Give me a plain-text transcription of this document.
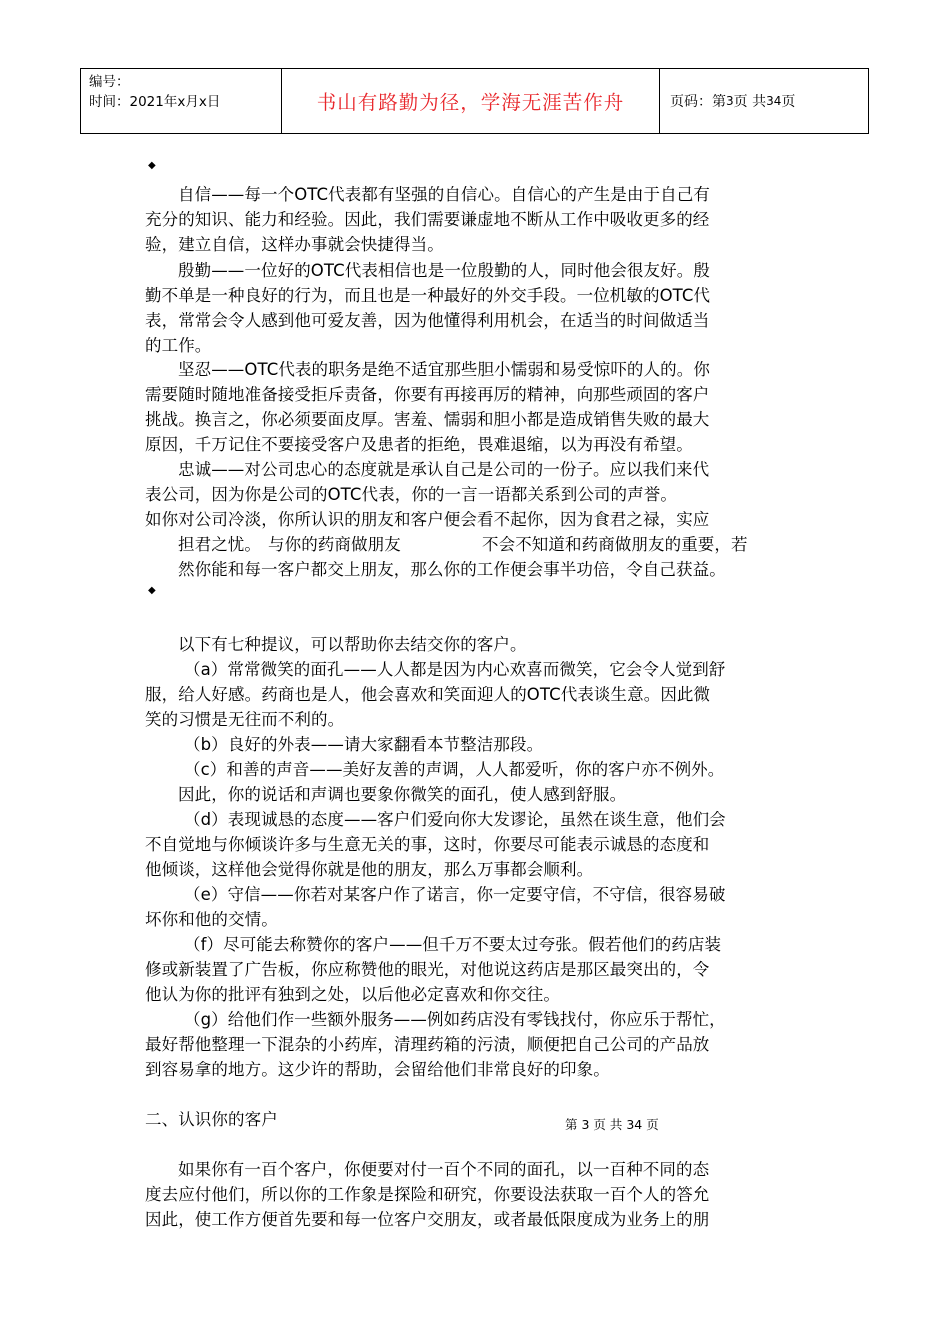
编号：
时间：2021年x月x日	书山有路勤为径，学海无涯苦作舟	页码：第 3 页 共 34 页
◆
自信——每一个OTC代表都有坚强的自信心。自信心的产生是由于自己有
充分的知识、能力和经验。因此，我们需要谦虚地不断从工作中吸收更多的经
验，建立自信，这样办事就会快捷得当。
殷勤——一位好的OTC代表相信也是一位殷勤的人，同时他会很友好。殷
勤不单是一种良好的行为，而且也是一种最好的外交手段。一位机敏的OTC代
表，常常会令人感到他可爱友善，因为他懂得利用机会，在适当的时间做适当
的工作。
坚忍——OTC代表的职务是绝不适宜那些胆小懦弱和易受惊吓的人的。你
需要随时随地准备接受拒斥责备，你要有再接再厉的精神，向那些顽固的客户
挑战。换言之，你必须要面皮厚。害羞、懦弱和胆小都是造成销售失败的最大
原因，千万记住不要接受客户及患者的拒绝，畏难退缩，以为再没有希望。
忠诚——对公司忠心的态度就是承认自己是公司的一份子。应以我们来代
表公司，因为你是公司的OTC代表，你的一言一语都关系到公司的声誉。
如你对公司冷淡，你所认识的朋友和客户便会看不起你，因为食君之禄，实应
担君之忧。 与你的药商做朋友	不会不知道和药商做朋友的重要，若
然你能和每一客户都交上朋友，那么你的工作便会事半功倍，令自己获益。
◆
以下有七种提议，可以帮助你去结交你的客户。
（a）常常微笑的面孔——人人都是因为内心欢喜而微笑，它会令人觉到舒
服，给人好感。药商也是人，他会喜欢和笑面迎人的OTC代表谈生意。因此微
笑的习惯是无往而不利的。
（b）良好的外表——请大家翻看本节整洁那段。
（c）和善的声音——美好友善的声调，人人都爱听，你的客户亦不例外。
因此，你的说话和声调也要象你微笑的面孔，使人感到舒服。
（d）表现诚恳的态度——客户们爱向你大发谬论，虽然在谈生意，他们会
不自觉地与你倾谈许多与生意无关的事，这时，你要尽可能表示诚恳的态度和
他倾谈，这样他会觉得你就是他的朋友，那么万事都会顺利。
（e）守信——你若对某客户作了诺言，你一定要守信，不守信，很容易破
坏你和他的交情。
（f）尽可能去称赞你的客户——但千万不要太过夸张。假若他们的药店装
修或新装置了广告板，你应称赞他的眼光，对他说这药店是那区最突出的，令
他认为你的批评有独到之处，以后他必定喜欢和你交往。
（g）给他们作一些额外服务——例如药店没有零钱找付，你应乐于帮忙，
最好帮他整理一下混杂的小药库，清理药箱的污渍，顺便把自己公司的产品放
到容易拿的地方。这少许的帮助，会留给他们非常良好的印象。
二、认识你的客户	第 3 页 共 34 页
如果你有一百个客户，你便要对付一百个不同的面孔，以一百种不同的态
度去应付他们，所以你的工作象是探险和研究，你要设法获取一百个人的答允
因此，使工作方便首先要和每一位客户交朋友，或者最低限度成为业务上的朋
